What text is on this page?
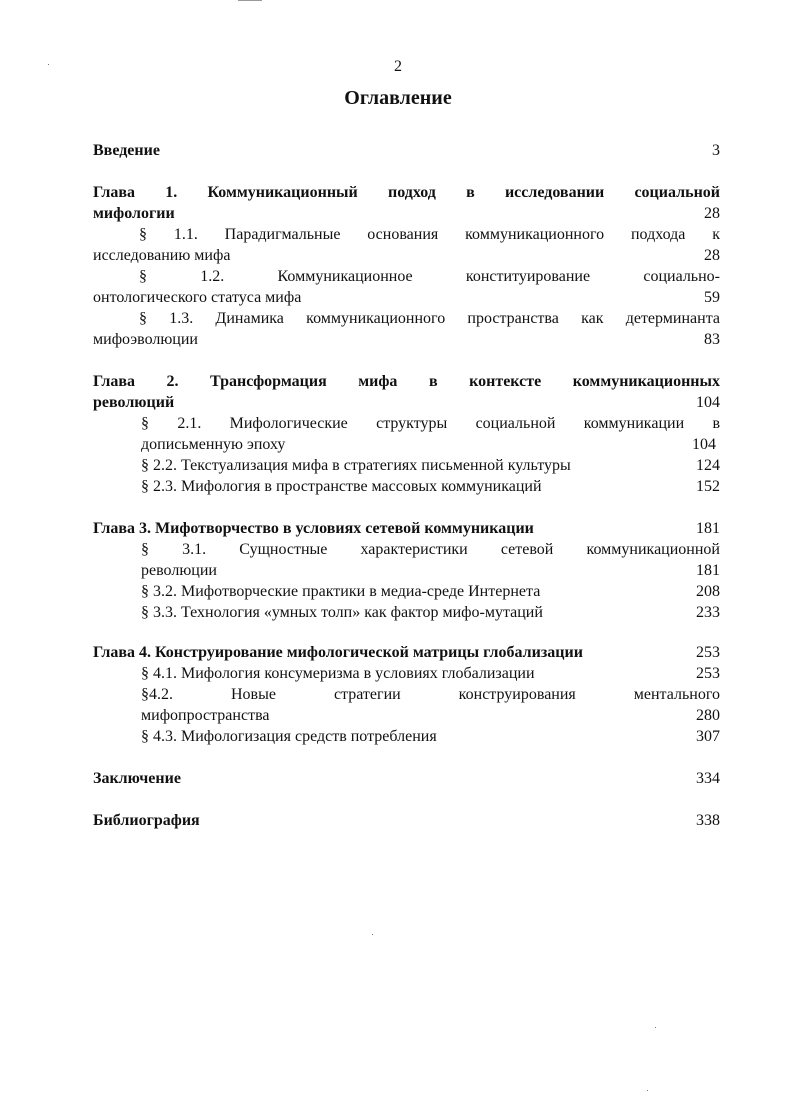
2
Оглавление
Введение	3
Глава 1. Коммуникационный подход в исследовании социальной
мифологии	28
§ 1.1. Парадигмальные основания коммуникационного подхода к
исследованию мифа	28
§ 1.2. Коммуникационное конституирование социально-
онтологического статуса мифа	59
§ 1.3. Динамика коммуникационного пространства как детерминанта
мифоэволюции	83
Глава 2. Трансформация мифа в контексте коммуникационных
революций	104
§ 2.1. Мифологические структуры социальной коммуникации в
дописьменную эпоху	104
§ 2.2. Текстуализация мифа в стратегиях письменной культуры	124
§ 2.3. Мифология в пространстве массовых коммуникаций	152
Глава 3. Мифотворчество в условиях сетевой коммуникации	181
§ 3.1. Сущностные характеристики сетевой коммуникационной
революции	181
§ 3.2. Мифотворческие практики в медиа-среде Интернета	208
§ 3.3. Технология «умных толп» как фактор мифо-мутаций	233
Глава 4. Конструирование мифологической матрицы глобализации	253
§ 4.1. Мифология консумеризма в условиях глобализации	253
§4.2. Новые стратегии конструирования ментального
мифопространства	280
§ 4.3. Мифологизация средств потребления	307
Заключение	334
Библиография	338
